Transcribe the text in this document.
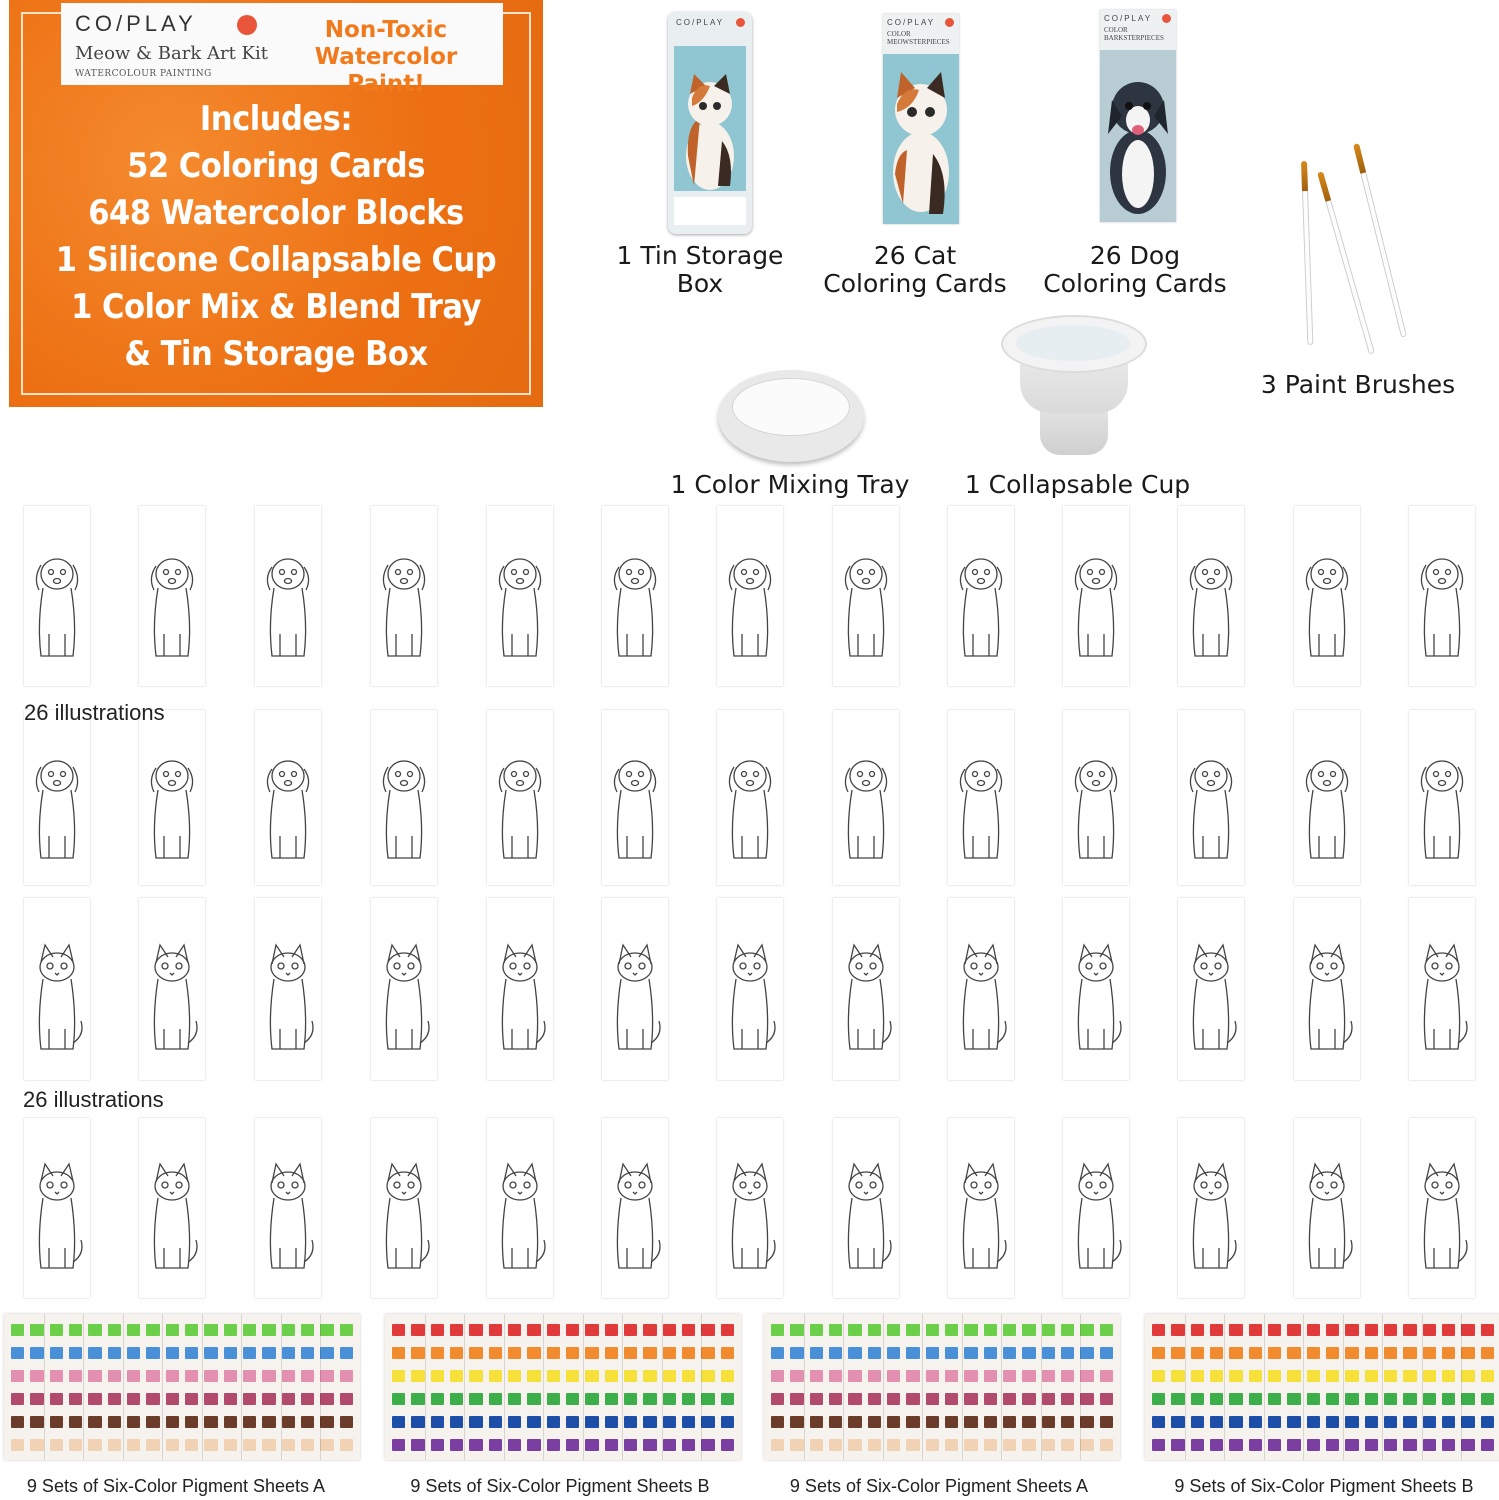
CO/PLAY
Meow & Bark Art Kit
WATERCOLOUR PAINTING
Non-Toxic
Watercolor Paint!
Includes:
52 Coloring Cards
648 Watercolor Blocks
1 Silicone Collapsable Cup
1 Color Mix & Blend Tray
& Tin Storage Box
CO/PLAY
1 Tin Storage
Box
CO/PLAY
COLOR MEOWSTERPIECES
26 Cat
Coloring Cards
CO/PLAY
COLOR BARKSTERPIECES
26 Dog
Coloring Cards
3 Paint Brushes
1 Color Mixing Tray	1 Collapsable Cup
26 illustrations
26 illustrations
9 Sets of Six-Color Pigment Sheets A	9 Sets of Six-Color Pigment Sheets B	9 Sets of Six-Color Pigment Sheets A	9 Sets of Six-Color Pigment Sheets B
